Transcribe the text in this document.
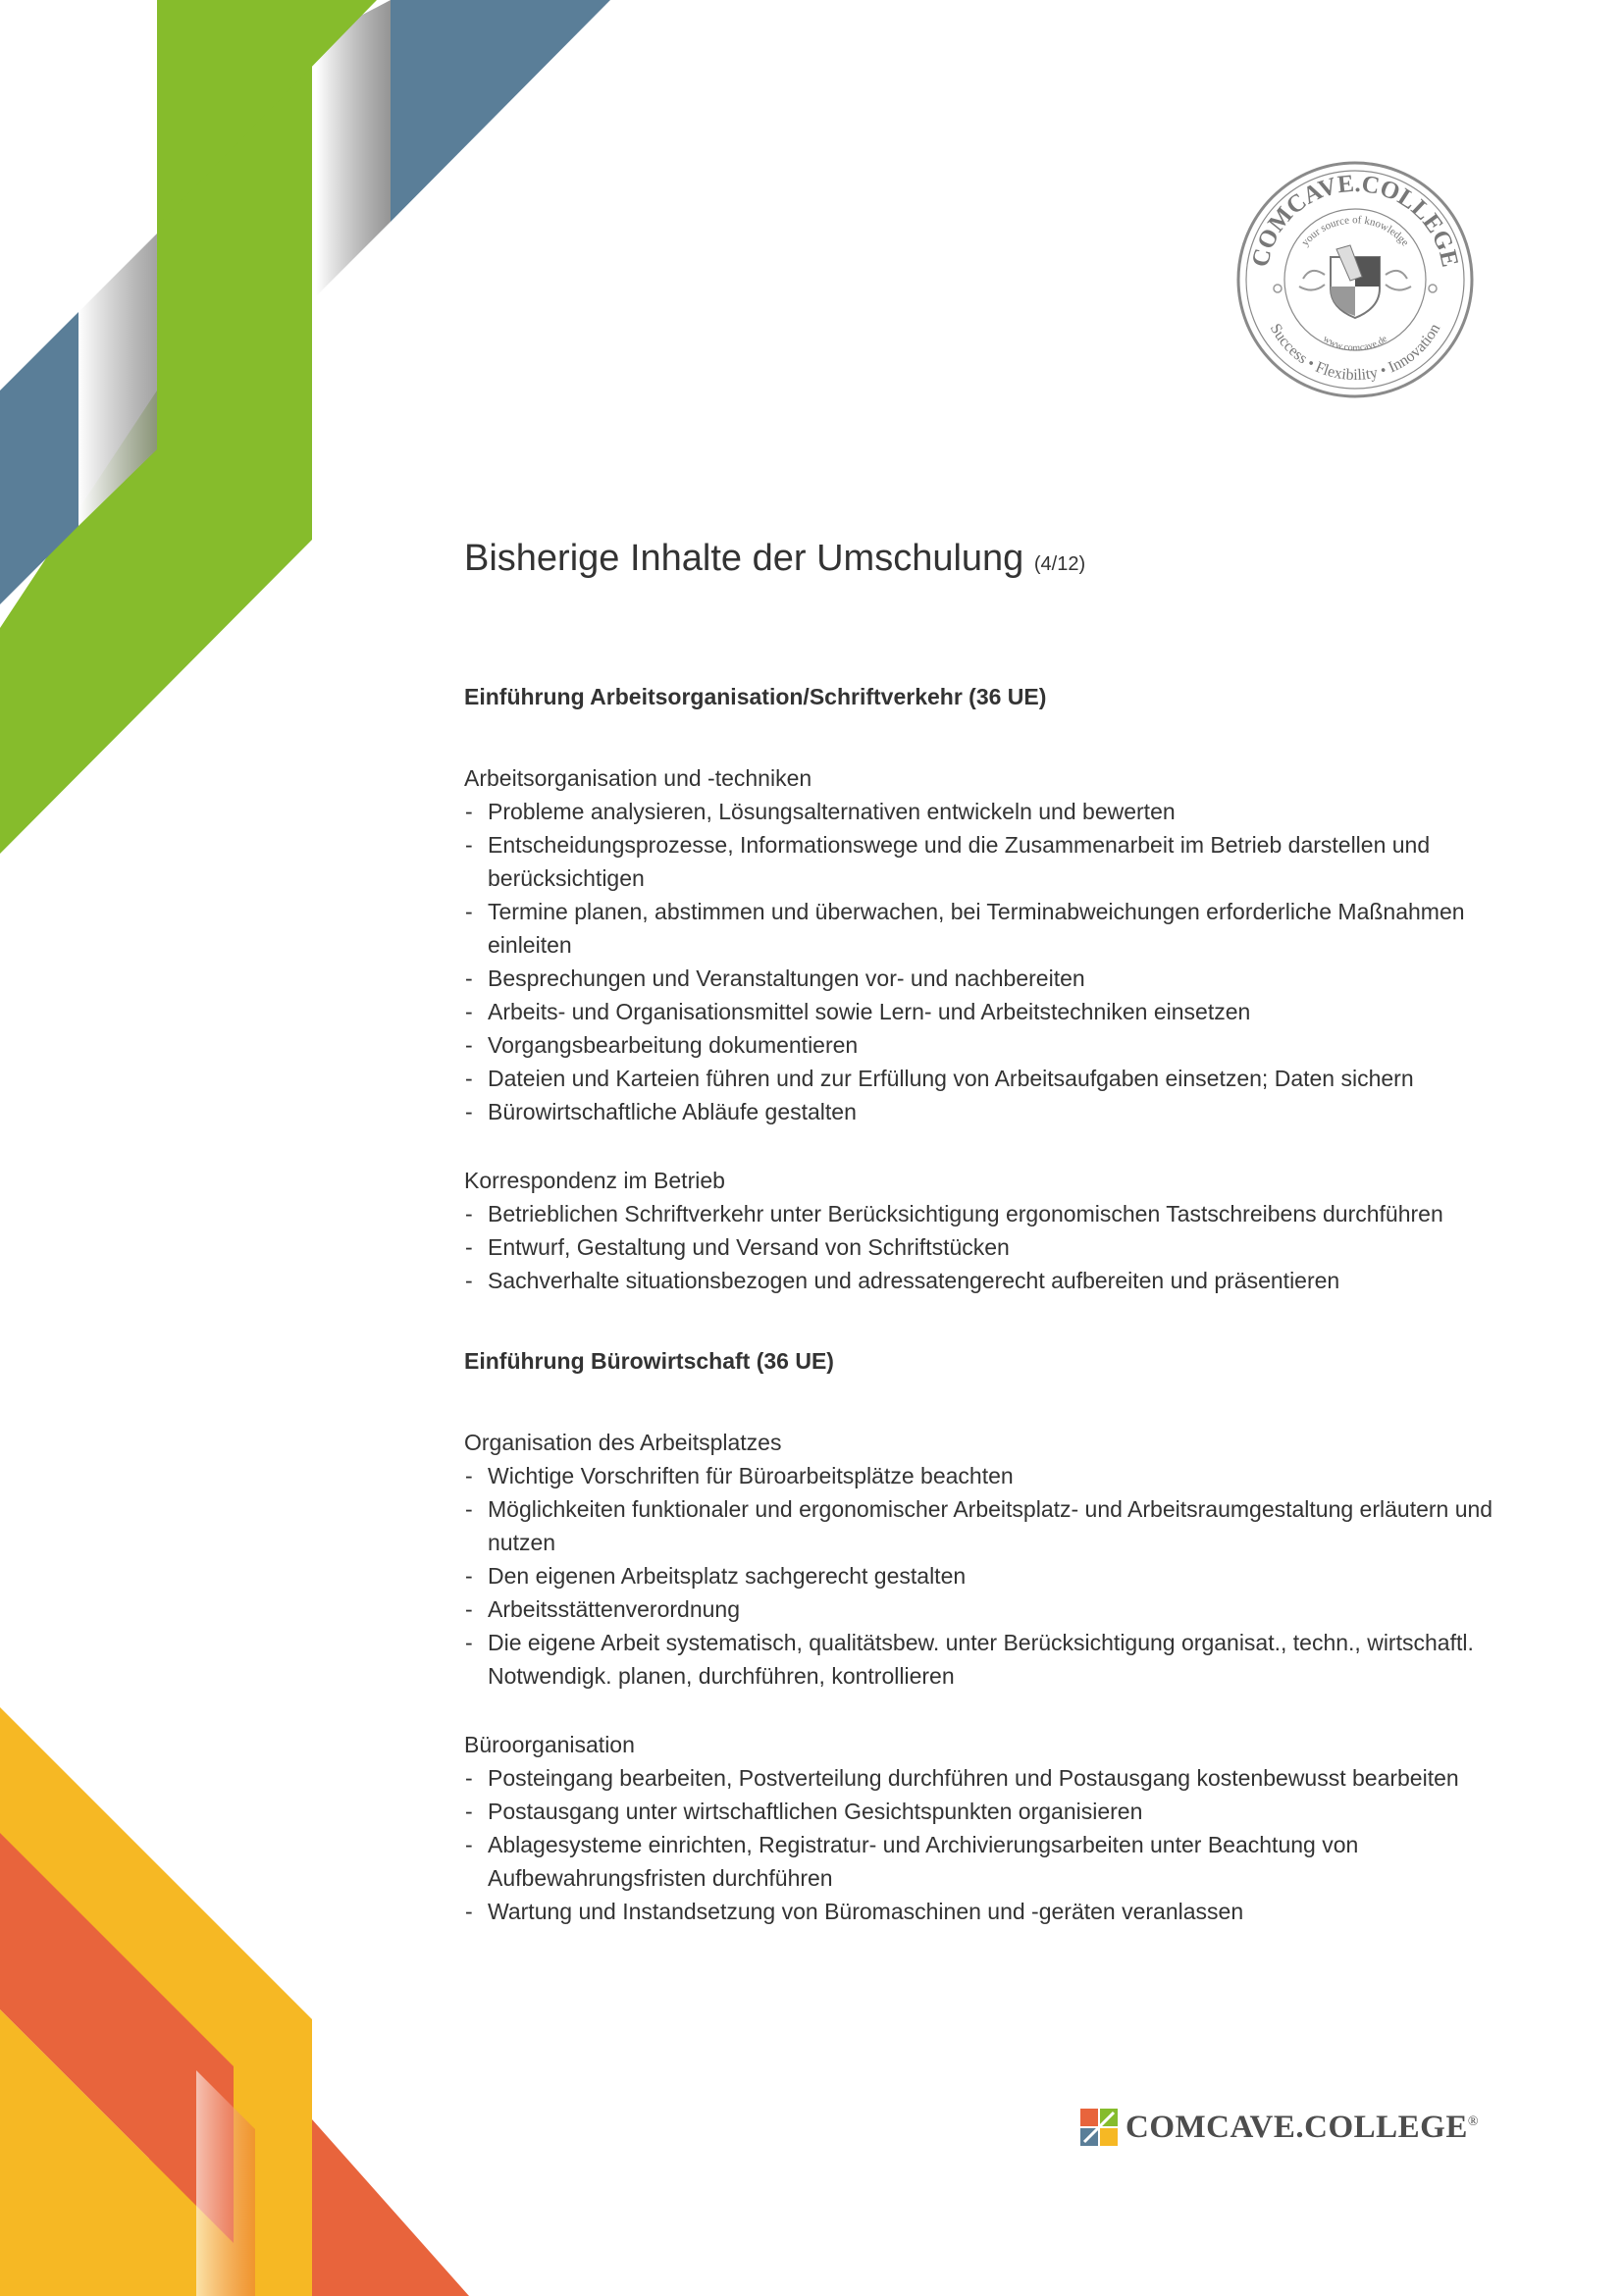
COMCAVE.COLLEGE
your source of knowledge
Success • Flexibility • Innovation
www.comcave.de
Bisherige Inhalte der Umschulung (4/12)

Einführung Arbeitsorganisation/Schriftverkehr (36 UE)

Arbeitsorganisation und -techniken

- Probleme analysieren, Lösungsalternativen entwickeln und bewerten
- Entscheidungsprozesse, Informationswege und die Zusammenarbeit im Betrieb darstellen und berücksichtigen
- Termine planen, abstimmen und überwachen, bei Terminabweichungen erforderliche Maßnahmen einleiten
- Besprechungen und Veranstaltungen vor- und nachbereiten
- Arbeits- und Organisationsmittel sowie Lern- und Arbeitstechniken einsetzen
- Vorgangsbearbeitung dokumentieren
- Dateien und Karteien führen und zur Erfüllung von Arbeitsaufgaben einsetzen; Daten sichern
- Bürowirtschaftliche Abläufe gestalten

Korrespondenz im Betrieb

- Betrieblichen Schriftverkehr unter Berücksichtigung ergonomischen Tastschreibens durchführen
- Entwurf, Gestaltung und Versand von Schriftstücken
- Sachverhalte situationsbezogen und adressatengerecht aufbereiten und präsentieren

Einführung Bürowirtschaft (36 UE)

Organisation des Arbeitsplatzes

- Wichtige Vorschriften für Büroarbeitsplätze beachten
- Möglichkeiten funktionaler und ergonomischer Arbeitsplatz- und Arbeitsraumgestaltung erläutern und nutzen
- Den eigenen Arbeitsplatz sachgerecht gestalten
- Arbeitsstättenverordnung
- Die eigene Arbeit systematisch, qualitätsbew. unter Berücksichtigung organisat., techn., wirtschaftl. Notwendigk. planen, durchführen, kontrollieren

Büroorganisation

- Posteingang bearbeiten, Postverteilung durchführen und Postausgang kostenbewusst bearbeiten
- Postausgang unter wirtschaftlichen Gesichtspunkten organisieren
- Ablagesysteme einrichten, Registratur- und Archivierungsarbeiten unter Beachtung von Aufbewahrungsfristen durchführen
- Wartung und Instandsetzung von Büromaschinen und -geräten veranlassen
COMCAVE.COLLEGE®
